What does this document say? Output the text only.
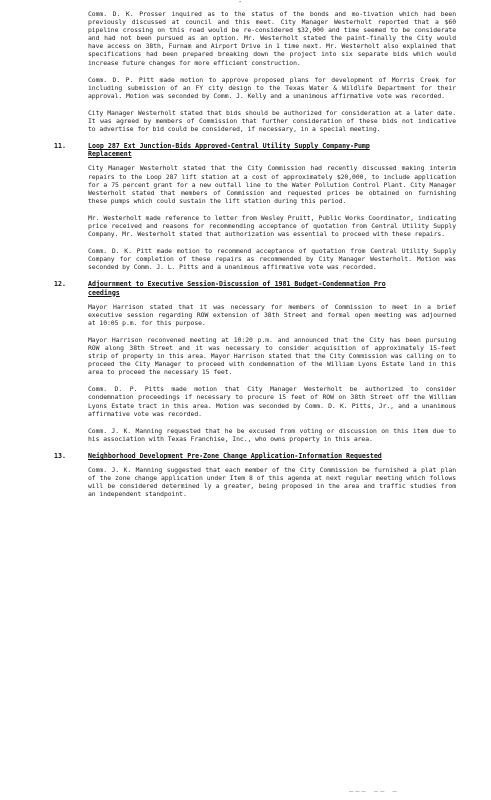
-

Comm. D. K. Prosser inquired as to the status of the bonds and mo-tivation which had been previously discussed at council and this meet. City Manager Westerholt reported that a $60 pipeline crossing on this road would be re-considered $32,000 and time seemed to be considerate and had not been pursued as an option. Mr. Westerholt stated the paint-finally the City would have access on 38th, Furnam and Airport Drive in 1 time next. Mr. Westerholt also explained that specifications had been prepared breaking down the project into six separate bids which would increase future changes for more efficient construction.

Comm. D. P. Pitt made motion to approve proposed plans for development of Morris Creek for including submission of an FY city design to the Texas Water & Wildlife Department for their approval. Motion was seconded by Comm. J. Kelly and a unanimous affirmative vote was recorded.

City Manager Westerholt stated that bids should be authorized for consideration at a later date. It was agreed by members of Commission that further consideration of these bids not indicative to advertise for bid could be considered, if necessary, in a special meeting.

11.	Loop 287 Ext Junction-Bids Approved-Central Utility Supply Company-Pump
Replacement

City Manager Westerholt stated that the City Commission had recently discussed making interim repairs to the Loop 287 lift station at a cost of approximately $20,000, to include application for a 75 percent grant for a new outfall line to the Water Pollution Control Plant. City Manager Westerholt stated that members of Commission and requested prices be obtained on furnishing these pumps which could sustain the lift station during this period.

Mr. Westerholt made reference to letter from Wesley Pruitt, Public Works Coordinator, indicating price received and reasons for recommending acceptance of quotation from Central Utility Supply Company. Mr. Westerholt stated that authorization was essential to proceed with these repairs.

Comm. D. K. Pitt made motion to recommend acceptance of quotation from Central Utility Supply Company for completion of these repairs as recommended by City Manager Westerholt. Motion was seconded by Comm. J. L. Pitts and a unanimous affirmative vote was recorded.

12.	Adjournment to Executive Session-Discussion of 1981 Budget-Condemnation Pro
ceedings

Mayor Harrison stated that it was necessary for members of Commission to meet in a brief executive session regarding ROW extension of 38th Street and formal open meeting was adjourned at 10:05 p.m. for this purpose.

Mayor Harrison reconvened meeting at 10:20 p.m. and announced that the City has been pursuing ROW along 38th Street and it was necessary to consider acquisition of approximately 15-feet strip of property in this area. Mayor Harrison stated that the City Commission was calling on to proceed the City Manager to proceed with condemnation of the William Lyons Estate land in this area to proceed the necessary 15 feet.

Comm. D. P. Pitts made motion that City Manager Westerholt be authorized to consider condemnation proceedings if necessary to procure 15 feet of ROW on 38th Street off the William Lyons Estate tract in this area. Motion was seconded by Comm. D. K. Pitts, Jr., and a unanimous affirmative vote was recorded.

Comm. J. K. Manning requested that he be excused from voting or discussion on this item due to his association with Texas Franchise, Inc., who owns property in this area.

13.	Neighborhood Development Pre-Zone Change Application-Information Requested

Comm. J. K. Manning suggested that each member of the City Commission be furnished a plat plan of the zone change application under Item 8 of this agenda at next regular meeting which follows will be considered determined ly a greater, being proposed in the area and traffic studies from an independent standpoint.

___ __ _
